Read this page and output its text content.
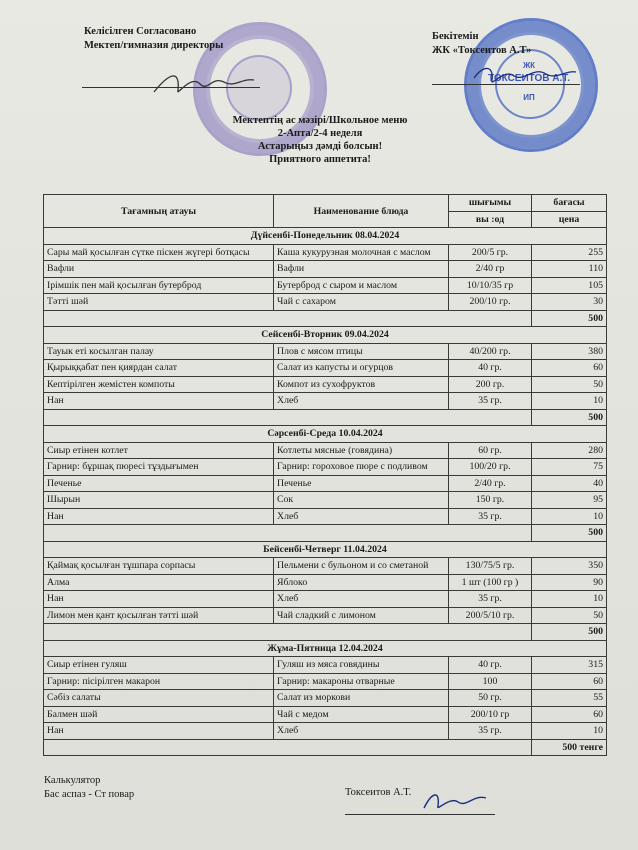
ЖК
ТОКСЕИТОВ А.Т.
ИП
Келісілген Согласовано
Мектеп/гимназия директоры
Бекітемін
ЖК «Токсеитов А.Т»
Мектептің ас мәзірі/Школьное меню
2-Апта/2-4 неделя
Астарыңыз дәмді болсын!
Приятного аппетита!
Тағамның атауы	Наименование блюда	шығымы	бағасы
		вы :од	цена
Дүйсенбі-Понедельник 08.04.2024			
Сары май қосылған сүтке піскен жүгері ботқасы	Каша кукурузная молочная с маслом	200/5 гр.	255
Вафли	Вафли	2/40 гр	110
Ірімшік пен май қосылған бутерброд	Бутерброд с сыром и маслом	10/10/35 гр	105
Тәтті шәй	Чай с сахаром	200/10 гр.	30
			500
Сейсенбі-Вторник 09.04.2024			
Тауык еті косылган палау	Плов с мясом птицы	40/200 гр.	380
Қырыққабат пен қиярдан салат	Салат из капусты и огурцов	40 гр.	60
Кептірілген жемістен компоты	Компот из сухофруктов	200 гр.	50
Нан	Хлеб	35 гр.	10
			500
Сәрсенбі-Среда 10.04.2024			
Сиыр етінен котлет	Котлеты мясные (говядина)	60 гр.	280
Гарнир: бұршақ пюресі тұздығымен	Гарнир: гороховое пюре с подливом	100/20 гр.	75
Печенье	Печенье	2/40 гр.	40
Шырын	Сок	150 гр.	95
Нан	Хлеб	35 гр.	10
			500
Бейсенбі-Четверг 11.04.2024			
Қаймақ қосылған тұшпара сорпасы	Пельмени с бульоном и со сметаной	130/75/5 гр.	350
Алма	Яблоко	1 шт (100 гр )	90
Нан	Хлеб	35 гр.	10
Лимон мен қант қосылған тәтті шәй	Чай сладкий с лимоном	200/5/10 гр.	50
			500
Жұма-Пятница 12.04.2024			
Сиыр етінен гуляш	Гуляш из мяса говядины	40 гр.	315
Гарнир: пісірілген макарон	Гарнир: макароны отварные	100	60
Сәбіз салаты	Салат из моркови	50 гр.	55
Балмен шәй	Чай с медом	200/10 гр	60
Нан	Хлеб	35 гр.	10
			500 тенге
Калькулятор
Бас аспаз - Ст повар	Токсеитов А.Т.
